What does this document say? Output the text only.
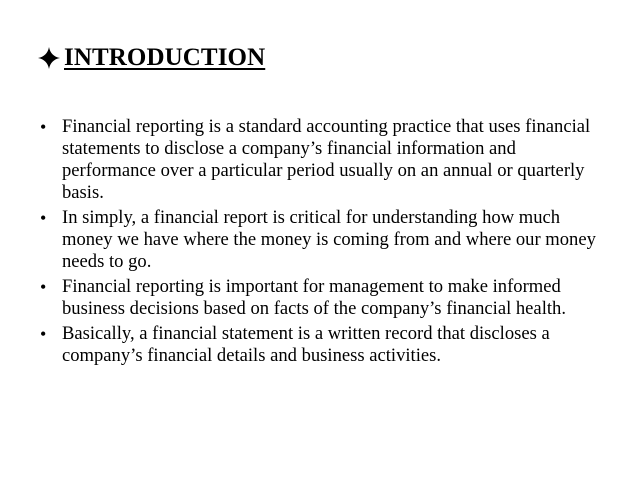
INTRODUCTION
• Financial reporting is a standard accounting practice that uses financial statements to disclose a company’s financial information and performance over a particular period usually on an annual or quarterly basis.
• In simply, a financial report is critical for understanding how much money we have where the money is coming from and where our money needs to go.
• Financial reporting is important for management to make informed business decisions based on facts of the company’s financial health.
• Basically, a financial statement is a written record that discloses a company’s financial details and business activities.
